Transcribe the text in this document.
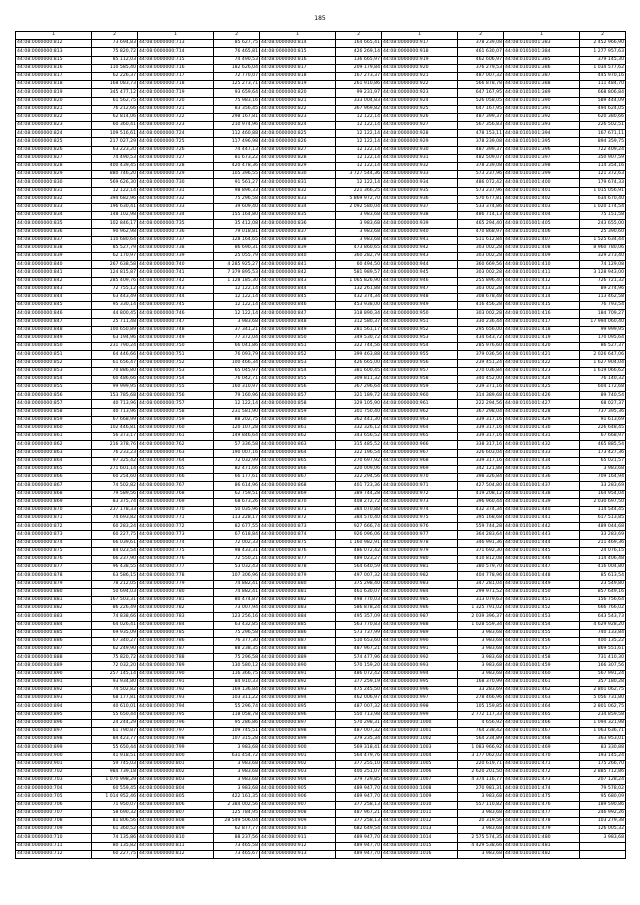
185
1	2	1	2	1	2	1	2	1	2
44:08:0000000:812	73 694,83	44:08:0000000:713	85 627,75	44:08:0000000:814	164 665,41	44:08:0000000:917	378 239,08	44:08:0101001:383	2 452 966,90
44:08:0000000:813	75 820,72	44:08:0000000:714	76 465,81	44:08:0000000:815	426 269,14	44:08:0000000:918	461 630,07	44:08:0101001:384	1 277 957,63
44:08:0000000:815	85 112,03	44:08:0000000:715	74 490,53	44:08:0000000:816	136 665,97	44:08:0000000:919	462 606,97	44:08:0101001:385	379 145,30
44:08:0000000:816	110 585,40	44:08:0000000:716	182 626,04	44:08:0000000:817	209 179,84	44:08:0000000:920	376 279,53	44:08:0101001:386	1 034 577,62
44:08:0000000:817	62 226,37	44:08:0000000:717	72 770,07	44:08:0000000:818	167 273,37	44:08:0000000:921	487 007,32	44:08:0101001:387	445 970,16
44:08:0000000:818	168 083,73	44:08:0000000:718	125 273,71	44:08:0000000:819	261 910,86	44:08:0000000:922	566 878,78	44:08:0101001:388	111 484,70
44:08:0000000:819	345 477,12	44:08:0000000:719	93 659,64	44:08:0000000:820	99 231,97	44:08:0000000:923	647 167,95	44:08:0101001:389	668 806,84
44:08:0000000:820	61 562,75	44:08:0000000:720	75 983,16	44:08:0000000:821	333 004,83	44:08:0000000:924	526 058,05	44:08:0101001:390	589 444,09
44:08:0000000:821	76 212,66	44:08:0000000:721	83 356,45	44:08:0000000:822	367 969,82	44:08:0000000:925	647 167,95	44:08:0101001:391	494 624,05
44:08:0000000:822	62 814,06	44:08:0000000:722	298 167,81	44:08:0000000:823	12 122,14	44:08:0000000:926	487 399,37	44:08:0101001:392	620 380,66
44:08:0000000:823	60 360,41	44:08:0000000:723	210 974,96	44:08:0000000:824	12 122,14	44:08:0000000:927	567 356,83	44:08:0101001:393	226 502,51
44:08:0000000:824	109 516,61	44:08:0000000:724	112 460,88	44:08:0000000:825	12 122,14	44:08:0000000:928	478 153,11	44:08:0101001:394	167 671,11
44:08:0000000:825	217 027,29	44:08:0000000:725	117 496,98	44:08:0000000:826	12 122,14	44:08:0000000:929	378 239,08	44:08:0101001:395	894 359,75
44:08:0000000:826	63 223,20	44:08:0000000:726	74 447,13	44:08:0000000:827	12 122,14	44:08:0000000:930	487 399,37	44:08:0101001:396	722 409,24
44:08:0000000:827	74 490,53	44:08:0000000:727	81 673,22	44:08:0000000:828	12 122,14	44:08:0000000:931	482 509,07	44:08:0101001:397	350 907,59
44:08:0000000:828	400 439,45	44:08:0000000:728	420 478,36	44:08:0000000:829	12 122,14	44:08:0000000:932	378 239,08	44:08:0101001:398	114 354,16
44:08:0000000:829	880 746,20	44:08:0000000:729	105 396,55	44:08:0000000:830	3 727 544,36	44:08:0000000:933	573 237,96	44:08:0101001:399	121 372,63
44:08:0000000:830	569 626,30	44:08:0000000:730	91 561,27	44:08:0000000:831	12 122,14	44:08:0000000:934	486 072,42	44:08:0101001:400	179 674,33
44:08:0000000:831	12 122,14	44:08:0000000:731	98 896,33	44:08:0000000:832	221 366,25	44:08:0000000:935	573 237,96	44:08:0101001:401	1 015 056,91
44:08:0000000:832	394 682,96	44:08:0000000:732	75 296,58	44:08:0000000:833	5 869 972,70	44:08:0000000:936	570 677,81	44:08:0101001:402	634 670,40
44:08:0000000:833	196 630,41	44:08:0000000:733	39 609,40	44:08:0000000:834	2 092 580,04	44:08:0000000:937	533 374,86	44:08:0101001:403	1 020 174,54
44:08:0000000:834	148 102,98	44:08:0000000:734	155 164,80	44:08:0000000:835	3 983,68	44:08:0000000:938	486 714,13	44:08:0101001:404	75 151,58
44:08:0000000:835	102 846,17	44:08:0000000:735	35 412,08	44:08:0000000:836	3 983,68	44:08:0000000:939	465 294,40	44:08:0101001:405	243 655,00
44:08:0000000:836	90 962,98	44:08:0000000:736	79 018,81	44:08:0000000:837	3 983,68	44:08:0000000:940	470 868,97	44:08:0101001:406	25 390,60
44:08:0000000:837	110 680,64	44:08:0000000:737	128 164,65	44:08:0000000:838	3 983,68	44:08:0000000:941	511 612,84	44:08:0101001:407	1 525 634,44
44:08:0000000:838	85 527,79	44:08:0000000:738	86 690,31	44:08:0000000:839	473 860,65	44:08:0000000:942	303 002,28	44:08:0101001:408	8 960 780,06
44:08:0000000:839	62 170,97	44:08:0000000:739	25 055,79	44:08:0000000:840	360 282,79	44:08:0000000:943	303 002,28	44:08:0101001:409	329 273,40
44:08:0000000:840	267 638,58	44:08:0000000:740	4 285 925,27	44:08:0000000:841	60 494,50	44:08:0000000:944	360 669,56	44:08:0101001:410	74 129,08
44:08:0000000:841	124 815,87	44:08:0000000:741	7 379 895,53	44:08:0000000:842	581 989,57	44:08:0000000:945	303 002,28	44:08:0101001:411	3 128 943,00
44:08:0000000:842	285 409,76	44:08:0000000:742	1 128 185,30	44:08:0000000:843	1 065 826,90	44:08:0000000:946	255 896,40	44:08:0101001:412	726 721,32
44:08:0000000:843	72 755,12	44:08:0000000:743	12 122,14	44:08:0000000:844	132 261,88	44:08:0000000:947	303 002,28	44:08:0101001:413	89 274,96
44:08:0000000:844	63 443,49	44:08:0000000:744	12 122,14	44:08:0000000:845	432 374,34	44:08:0000000:948	308 678,48	44:08:0101001:414	113 462,58
44:08:0000000:845	95 330,14	44:08:0000000:745	12 122,14	44:08:0000000:846	453 938,00	44:08:0000000:949	416 456,28	44:08:0101001:415	76 793,54
44:08:0000000:846	44 800,45	44:08:0000000:746	12 122,14	44:08:0000000:847	318 890,34	44:08:0000000:950	303 002,28	44:08:0101001:416	184 709,27
44:08:0000000:847	25 711,48	44:08:0000000:747	3 983,68	44:08:0000000:848	312 580,37	44:08:0000000:951	330 236,44	44:08:0101001:417	17 994 060,40
44:08:0000000:848	100 650,89	44:08:0000000:748	37 341,21	44:08:0000000:849	281 561,17	44:08:0000000:952	295 656,00	44:08:0101001:418	99 999,95
44:08:0000000:849	63 194,96	44:08:0000000:749	77 372,04	44:08:0000000:850	349 530,72	44:08:0000000:953	434 643,72	44:08:0101001:419	170 095,64
44:08:0000000:850	231 790,24	44:08:0000000:750	66 041,86	44:08:0000000:851	322 744,56	44:08:0000000:954	285 976,60	44:08:0101001:420	86 527,37
44:08:0000000:851	64 446,66	44:08:0000000:751	76 093,79	44:08:0000000:852	399 463,88	44:08:0000000:955	379 036,56	44:08:0101001:421	2 026 647,06
44:08:0000000:852	61 656,47	44:08:0000000:752	100 466,34	44:08:0000000:853	426 665,00	44:08:0000000:956	239 451,24	44:08:0101001:422	1 627 904,04
44:08:0000000:853	70 886,80	44:08:0000000:753	65 045,97	44:08:0000000:854	381 600,45	44:08:0000000:957	270 036,84	44:08:0101001:423	1 619 066,62
44:08:0000000:854	60 486,66	44:08:0000000:754	76 042,71	44:08:0000000:855	309 811,32	44:08:0000000:958	340 452,00	44:08:0101001:424	76 140,32
44:08:0000000:855	99 999,95	44:08:0000000:755	160 310,97	44:08:0000000:856	367 296,64	44:08:0000000:959	239 371,16	44:08:0101001:425	604 172,68
44:08:0000000:856	153 785,68	44:08:0000000:756	79 160,96	44:08:0000000:857	321 189,72	44:08:0000000:960	314 389,68	44:08:0101001:426	89 740,54
44:08:0000000:857	40 713,96	44:08:0000000:757	12 122,14	44:08:0000000:858	329 105,90	44:08:0000000:961	222 294,56	44:08:0101001:427	68 027,37
44:08:0000000:858	40 713,96	44:08:0000000:758	231 581,90	44:08:0000000:859	301 750,40	44:08:0000000:962	367 298,04	44:08:0101001:428	737 395,36
44:08:0000000:859	67 668,99	44:08:0000000:759	88 202,75	44:08:0000000:860	362 441,30	44:08:0000000:963	339 317,16	44:08:0101001:429	91 613,69
44:08:0000000:860	102 446,81	44:08:0000000:760	120 107,28	44:08:0000000:861	332 326,12	44:08:0000000:964	339 317,16	44:08:0101001:430	226 648,45
44:08:0000000:861	56 373,17	44:08:0000000:761	149 846,64	44:08:0000000:862	343 656,52	44:08:0000000:965	339 317,16	44:08:0101001:431	67 668,97
44:08:0000000:862	216 378,76	44:08:0000000:762	57 336,58	44:08:0000000:863	315 485,52	44:08:0000000:966	338 317,16	44:08:0101001:432	465 885,54
44:08:0000000:863	76 233,23	44:08:0000000:763	190 007,16	44:08:0000000:864	322 196,54	44:08:0000000:967	326 603,04	44:08:0101001:433	173 427,36
44:08:0000000:864	97 325,42	44:08:0000000:764	72 032,99	44:08:0000000:865	270 697,92	44:08:0000000:968	339 317,16	44:08:0101001:434	65 021,57
44:08:0000000:865	271 601,14	44:08:0000000:765	82 471,66	44:08:0000000:866	320 009,06	44:08:0000000:969	342 121,88	44:08:0101001:435	3 983,68
44:08:0000000:866	60 254,60	44:08:0000000:766	66 177,61	44:08:0000000:867	322 294,56	44:08:0000000:970	398 326,84	44:08:0101001:436	709 164,94
44:08:0000000:867	74 502,82	44:08:0000000:767	86 614,96	44:08:0000000:868	401 723,36	44:08:0000000:971	427 504,80	44:08:0101001:437	33 283,69
44:08:0000000:868	79 589,56	44:08:0000000:768	62 759,51	44:08:0000000:869	389 744,28	44:08:0000000:972	419 208,12	44:08:0101001:438	164 954,04
44:08:0000000:869	83 375,74	44:08:0000000:769	68 673,26	44:08:0000000:870	408 272,72	44:08:0000000:973	396 960,44	44:08:0101001:439	2 030 697,50
44:08:0000000:870	237 178,33	44:08:0000000:770	50 035,96	44:08:0000000:871	384 070,88	44:08:0000000:974	432 374,34	44:08:0101001:440	114 544,45
44:08:0000000:871	74 693,82	44:08:0000000:771	113 228,17	44:08:0000000:872	384 570,40	44:08:0000000:975	395 168,68	44:08:0101001:441	617 513,85
44:08:0000000:872	60 283,24	44:08:0000000:772	82 677,55	44:08:0000000:873	927 666,74	44:08:0000000:976	559 744,28	44:08:0101001:442	489 044,68
44:08:0000000:873	60 227,75	44:08:0000000:773	67 618,84	44:08:0000000:874	926 096,06	44:08:0000000:977	364 283,64	44:08:0101001:443	33 283,69
44:08:0000000:874	66 039,61	44:08:0000000:774	72 002,33	44:08:0000000:875	1 160 982,91	44:08:0000000:978	346 991,36	44:08:0101001:444	211 469,36
44:08:0000000:875	84 023,54	44:08:0000000:775	98 433,31	44:08:0000000:876	486 072,42	44:08:0000000:979	371 692,30	44:08:0101001:445	24 076,15
44:08:0000000:876	66 237,90	44:08:0000000:776	72 550,21	44:08:0000000:877	489 023,27	44:08:0000000:980	410 812,08	44:08:0101001:446	114 406,48
44:08:0000000:877	96 438,55	44:08:0000000:777	53 032,43	44:08:0000000:878	564 640,59	44:08:0000000:981	380 579,70	44:08:0101001:447	416 004,80
44:08:0000000:878	63 586,15	44:08:0000000:778	107 306,96	44:08:0000000:879	497 007,32	44:08:0000000:982	404 778,96	44:08:0101001:448	85 613,54
44:08:0000000:879	78 212,05	44:08:0000000:779	74 882,41	44:08:0000000:880	375 298,40	44:08:0000000:983	347 281,04	44:08:0101001:449	23 549,80
44:08:0000000:880	50 694,03	44:08:0000000:780	74 882,41	44:08:0000000:881	461 630,07	44:08:0000000:984	299 971,52	44:08:0101001:450	857 649,16
44:08:0000000:881	167 503,31	44:08:0000000:781	80 474,87	44:08:0000000:882	498 770,03	44:08:0000000:985	313 079,63	44:08:0101001:451	156 756,64
44:08:0000000:882	86 226,49	44:08:0000000:782	73 007,94	44:08:0000000:883	586 878,24	44:08:0000000:986	1 325 791,02	44:08:0101001:452	666 766,02
44:08:0000000:883	74 838,66	44:08:0000000:783	123 256,16	44:08:0000000:884	495 357,09	44:08:0000000:987	2 039 396,37	44:08:0101001:453	643 543,73
44:08:0000000:884	64 026,41	44:08:0000000:784	63 432,85	44:08:0000000:885	563 770,83	44:08:0000000:988	1 028 559,34	44:08:0101001:454	4 629 928,20
44:08:0000000:885	69 935,09	44:08:0000000:785	75 296,58	44:08:0000000:886	573 737,99	44:08:0000000:989	3 983,68	44:08:0101001:455	740 133,84
44:08:0000000:886	67 340,27	44:08:0000000:786	76 377,30	44:08:0000000:887	510 653,60	44:08:0000000:990	3 983,68	44:08:0101001:456	400 135,22
44:08:0000000:887	62 249,90	44:08:0000000:787	88 238,35	44:08:0000000:888	487 967,21	44:08:0000000:991	3 983,68	44:08:0101001:457	869 551,61
44:08:0000000:888	75 820,72	44:08:0000000:788	75 296,58	44:08:0000000:889	574 477,96	44:08:0000000:992	3 983,68	44:08:0101001:458	731 410,30
44:08:0000000:889	72 032,20	44:08:0000000:789	130 580,12	44:08:0000000:890	570 159,20	44:08:0000000:993	3 983,68	44:08:0101001:459	166 307,56
44:08:0000000:890	257 145,14	44:08:0000000:790	116 366,75	44:08:0000000:891	486 072,42	44:08:0000000:994	3 983,68	44:08:0101001:460	567 991,24
44:08:0000000:891	93 934,80	44:08:0000000:791	84 910,33	44:08:0000000:892	377 259,19	44:08:0000000:995	168 370,99	44:08:0101001:461	357 180,28
44:08:0000000:892	74 502,82	44:08:0000000:792	169 136,84	44:08:0000000:893	475 245,50	44:08:0000000:996	33 283,69	44:08:0101001:462	2 801 062,75
44:08:0000000:893	68 177,81	44:08:0000000:793	103 311,22	44:08:0000000:894	462 006,97	44:08:0000000:997	278 466,96	44:08:0101001:463	5 056 731,80
44:08:0000000:894	40 610,01	44:08:0000000:794	55 296,74	44:08:0000000:895	487 007,32	44:08:0000000:998	105 159,85	44:08:0101001:464	2 801 062,75
44:08:0000000:895	55 650,44	44:08:0000000:795	118 058,78	44:08:0000000:896	550 713,98	44:08:0000000:999	2 772 117,33	44:08:0101001:465	234 859,58
44:08:0000000:896	24 244,29	44:08:0000000:796	95 286,86	44:08:0000000:897	570 298,31	44:08:0000000:1000	4 656,92	44:08:0101001:466	1 094 321,98
44:08:0000000:897	61 790,87	44:08:0000000:797	109 745,51	44:08:0000000:898	487 007,32	44:08:0000000:1001	764 238,42	44:08:0101001:467	1 063 636,71
44:08:0000000:898	84 423,77	44:08:0000000:798	107 315,28	44:08:0000000:899	379 235,34	44:08:0000000:1002	564 234,89	44:08:0101001:468	363 953,01
44:08:0000000:899	55 650,44	44:08:0000000:799	3 983,68	44:08:0000000:900	569 318,41	44:08:0000000:1003	1 083 966,92	44:08:0101001:469	83 330,88
44:08:0000000:900	41 918,51	44:08:0000000:800	631 454,72	44:08:0000000:901	564 479,76	44:08:0000000:1004	3 177 062,02	44:08:0101001:470	193 145,24
44:08:0000000:901	59 745,03	44:08:0000000:801	3 983,68	44:08:0000000:902	377 255,10	44:08:0000000:1005	220 619,71	44:08:0101001:471	175 266,70
44:08:0000000:702	984 739,18	44:08:0000000:802	3 983,68	44:08:0000000:903	400 251,07	44:08:0000000:1006	2 620 201,50	44:08:0101001:472	2 885 712,86
44:08:0000000:703	1 070 998,29	44:08:0000000:803	3 983,68	44:08:0000000:904	379 729,85	44:08:0000000:1007	4 374 116,77	44:08:0101001:473	207 128,24
44:08:0000000:704	60 559,45	44:08:0000000:804	3 983,68	44:08:0000000:905	489 947,70	44:08:0000000:1008	270 981,31	44:08:0101001:474	79 578,02
44:08:0000000:705	1 014 952,46	44:08:0000000:805	422 161,35	44:08:0000000:906	489 947,70	44:08:0000000:1009	3 983,68	44:08:0101001:475	95 680,09
44:08:0000000:706	71 950,07	44:08:0000000:806	2 384 002,56	44:08:0000000:907	377 258,13	44:08:0000000:1010	557 110,82	44:08:0101001:476	189 590,86
44:08:0000000:707	58 690,32	44:08:0000000:807	125 784,95	44:08:0000000:908	487 967,21	44:08:0000000:1011	3 983,68	44:08:0101001:477	246 992,26
44:08:0000000:708	81 806,56	44:08:0000000:808	28 549 506,04	44:08:0000000:909	377 258,13	44:08:0000000:1012	20 319,56	44:08:0101001:478	103 279,38
44:08:0000000:709	61 360,52	44:08:0000000:809	62 877,77	44:08:0000000:910	682 649,54	44:08:0000000:1013	3 983,68	44:08:0101001:479	126 005,32
44:08:0000000:710	74 135,86	44:08:0000000:810	88 237,56	44:08:0000000:911	489 947,70	44:08:0000000:1014	2 575 574,35	44:08:0101001:480	3 983,68
44:08:0000000:711	80 135,82	44:08:0000000:811	73 465,58	44:08:0000000:912	489 947,70	44:08:0000000:1015	4 429 538,66	44:08:0101001:481	
44:08:0000000:712	60 227,75	44:08:0000000:812	73 465,67	44:08:0000000:913	489 947,70	44:08:0000000:1016	3 983,68	44:08:0101001:482	
